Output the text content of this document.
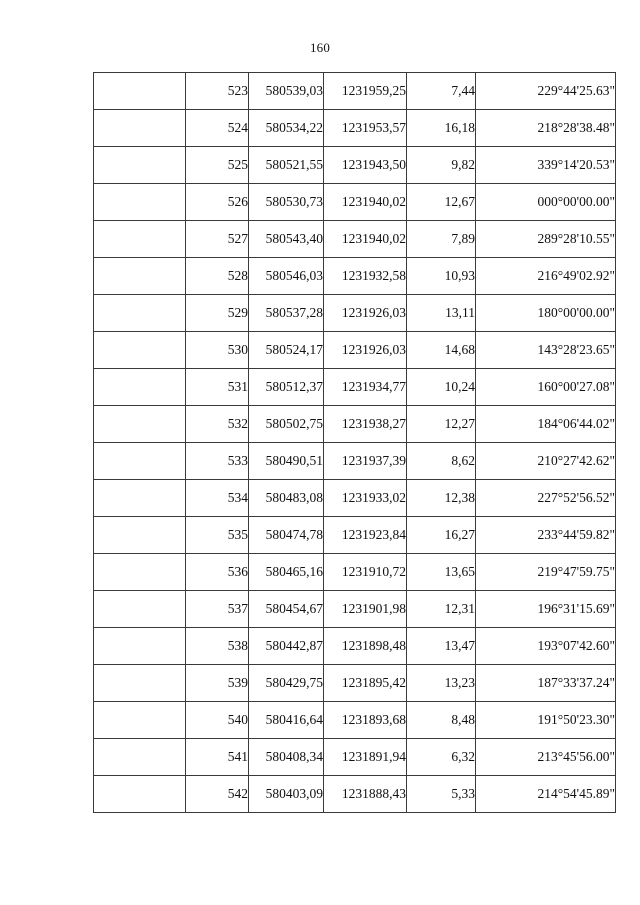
160
	523	580539,03	1231959,25	7,44	229°44'25.63"
	524	580534,22	1231953,57	16,18	218°28'38.48"
	525	580521,55	1231943,50	9,82	339°14'20.53"
	526	580530,73	1231940,02	12,67	000°00'00.00"
	527	580543,40	1231940,02	7,89	289°28'10.55"
	528	580546,03	1231932,58	10,93	216°49'02.92"
	529	580537,28	1231926,03	13,11	180°00'00.00"
	530	580524,17	1231926,03	14,68	143°28'23.65"
	531	580512,37	1231934,77	10,24	160°00'27.08"
	532	580502,75	1231938,27	12,27	184°06'44.02"
	533	580490,51	1231937,39	8,62	210°27'42.62"
	534	580483,08	1231933,02	12,38	227°52'56.52"
	535	580474,78	1231923,84	16,27	233°44'59.82"
	536	580465,16	1231910,72	13,65	219°47'59.75"
	537	580454,67	1231901,98	12,31	196°31'15.69"
	538	580442,87	1231898,48	13,47	193°07'42.60"
	539	580429,75	1231895,42	13,23	187°33'37.24"
	540	580416,64	1231893,68	8,48	191°50'23.30"
	541	580408,34	1231891,94	6,32	213°45'56.00"
	542	580403,09	1231888,43	5,33	214°54'45.89"
